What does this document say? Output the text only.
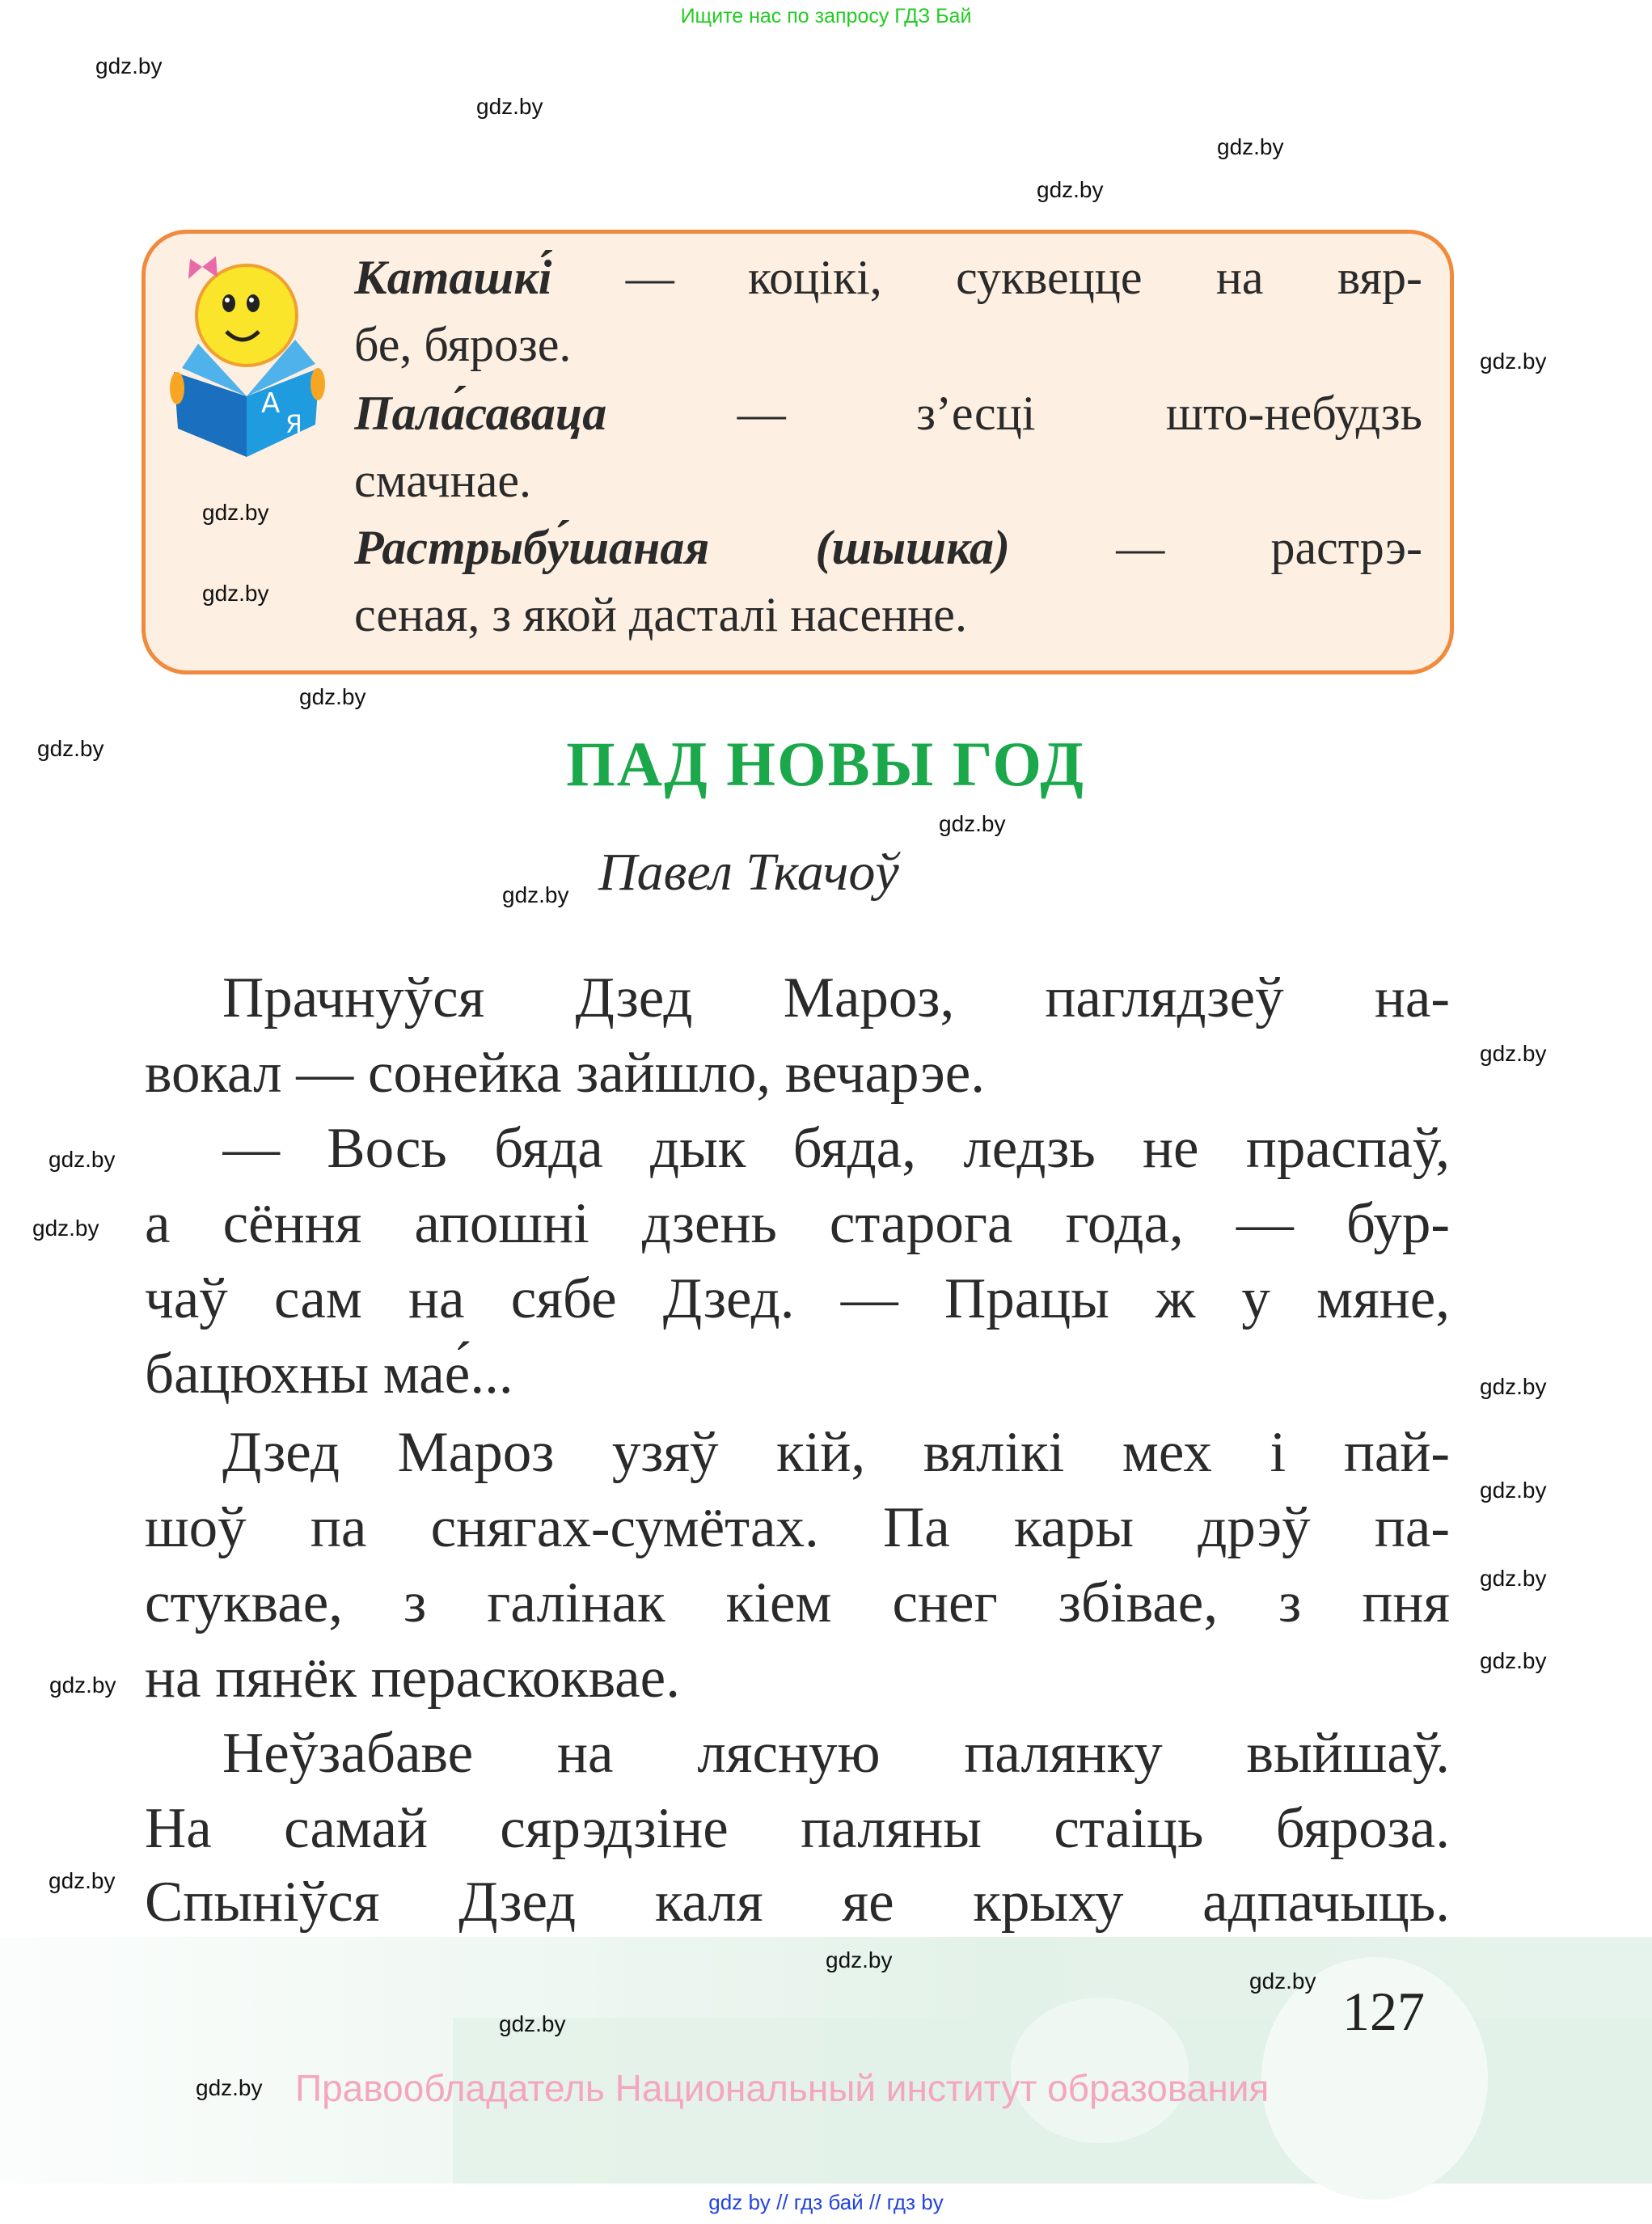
Ищите нас по запросу ГДЗ Бай
А
Я
Каташкі́ — коцікі, суквецце на вяр-
бе, бярозе.
Пала́саваца — з’есці што-небудзь
смачнае.
Растрыбу́шаная (шышка) — растрэ-
сеная, з якой дасталі насенне.
ПАД НОВЫ ГОД
Павел Ткачоў
Прачнуўся Дзед Мароз, паглядзеў на-
вокал — сонейка зайшло, вечарэе.
— Вось бяда дык бяда, ледзь не праспаў,
а сёння апошні дзень старога года, — бур-
чаў сам на сябе Дзед. — Працы ж у мяне,
бацюхны мае́...
Дзед Мароз узяў кій, вялікі мех і пай-
шоў па снягах-сумётах. Па кары дрэў па-
стуквае, з галінак кіем снег збівае, з пня
на пянёк пераскоквае.
Неўзабаве на лясную палянку выйшаў.
На самай сярэдзіне паляны стаіць бяроза.
Спыніўся Дзед каля яе крыху адпачыць.
127
Правообладатель Национальный институт образования
gdz by // гдз бай // гдз by
gdz.by
gdz.by
gdz.by
gdz.by
gdz.by
gdz.by
gdz.by
gdz.by
gdz.by
gdz.by
gdz.by
gdz.by
gdz.by
gdz.by
gdz.by
gdz.by
gdz.by
gdz.by
gdz.by
gdz.by
gdz.by
gdz.by
gdz.by
gdz.by
